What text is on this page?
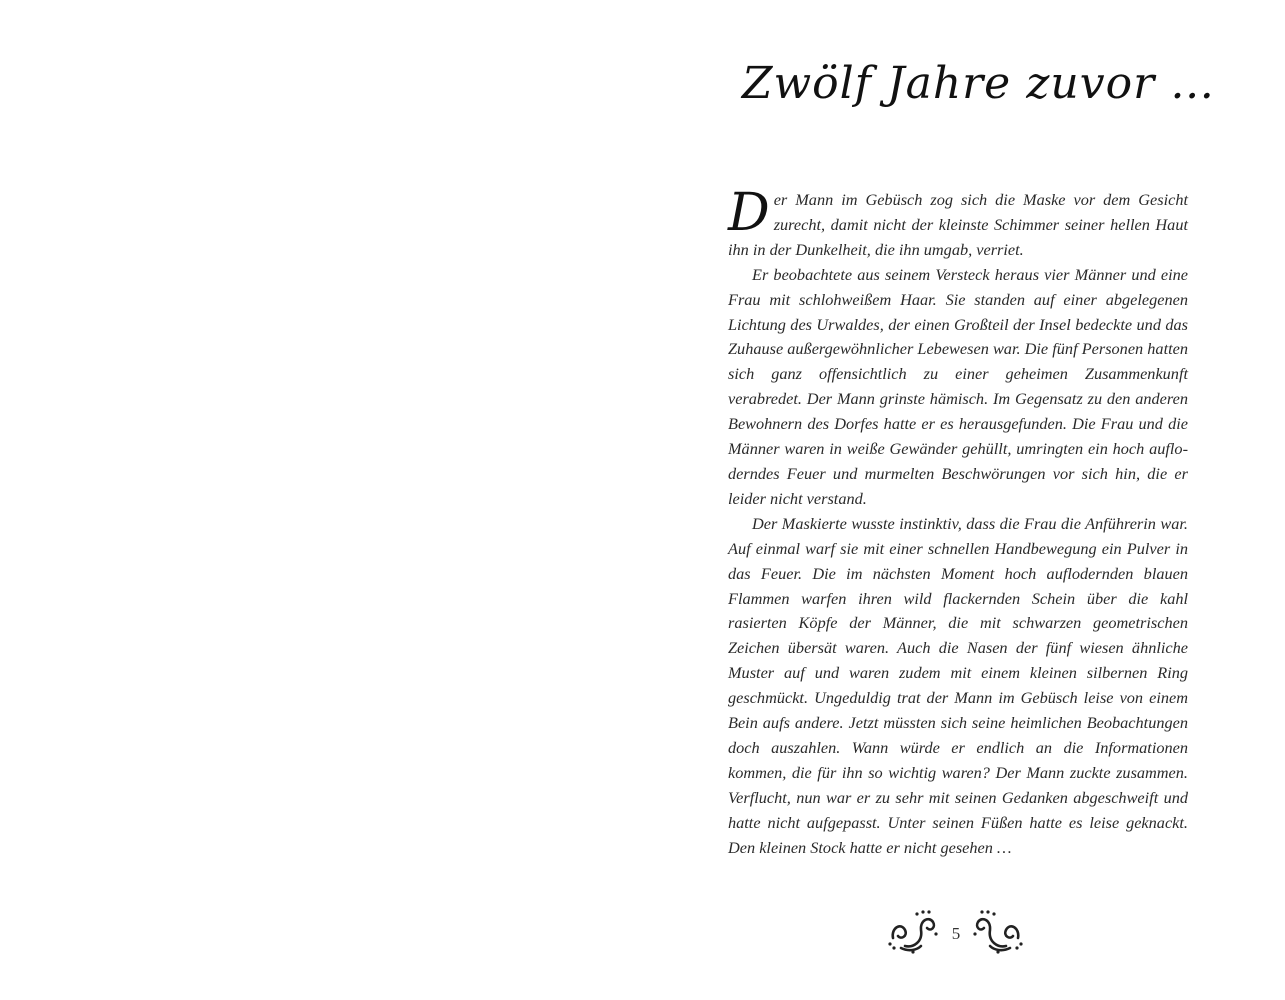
Zwölf Jahre zuvor …

Der Mann im Gebüsch zog sich die Maske vor dem Gesicht zurecht, damit nicht der kleinste Schimmer seiner hellen Haut ihn in der Dunkelheit, die ihn umgab, verriet.

Er beobachtete aus seinem Versteck heraus vier Männer und eine Frau mit schlohweißem Haar. Sie standen auf einer abgelegenen Lichtung des Urwaldes, der einen Großteil der Insel bedeckte und das Zuhause außergewöhnlicher Lebewesen war. Die fünf Personen hatten sich ganz offensichtlich zu einer geheimen Zusammenkunft verabredet. Der Mann grinste hämisch. Im Gegensatz zu den anderen Bewohnern des Dorfes hatte er es herausgefunden. Die Frau und die Männer waren in weiße Gewänder gehüllt, umringten ein hoch aufloderndes Feuer und murmelten Beschwörungen vor sich hin, die er leider nicht verstand.

Der Maskierte wusste instinktiv, dass die Frau die Anführerin war. Auf einmal warf sie mit einer schnellen Handbewegung ein Pulver in das Feuer. Die im nächsten Moment hoch auflodernden blauen Flammen warfen ihren wild flackernden Schein über die kahl rasierten Köpfe der Männer, die mit schwarzen geometrischen Zeichen übersät waren. Auch die Nasen der fünf wiesen ähnliche Muster auf und waren zudem mit einem kleinen silbernen Ring geschmückt. Ungeduldig trat der Mann im Gebüsch leise von einem Bein aufs andere. Jetzt müssten sich seine heimlichen Beobachtungen doch auszahlen. Wann würde er endlich an die Informationen kommen, die für ihn so wichtig waren? Der Mann zuckte zusammen. Verflucht, nun war er zu sehr mit seinen Gedanken abgeschweift und hatte nicht aufgepasst. Unter seinen Füßen hatte es leise geknackt. Den kleinen Stock hatte er nicht gesehen …

5
